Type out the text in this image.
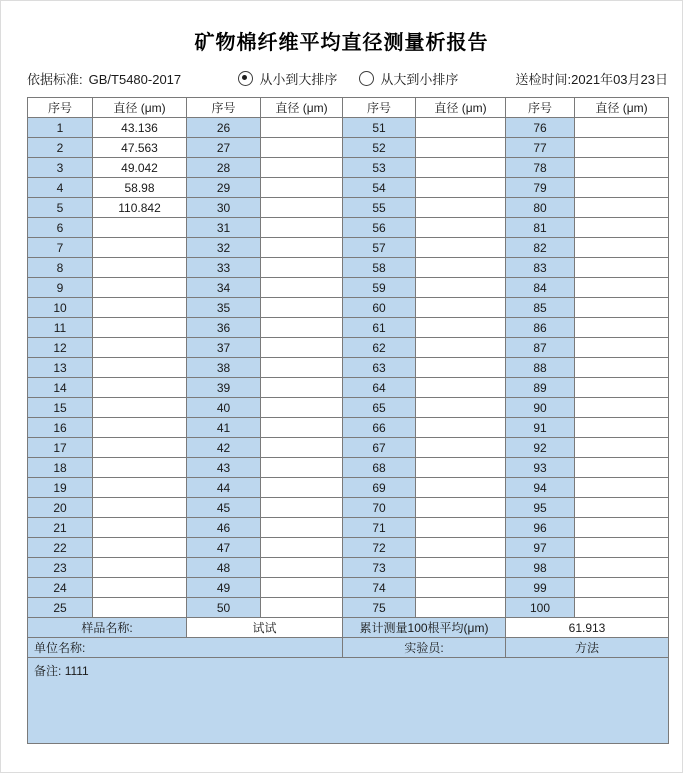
矿物棉纤维平均直径测量析报告
依据标准: GB/T5480-2017	从小到大排序	从大到小排序	送检时间:2021年03月23日
序号	直径 (μm)	序号	直径 (μm)	序号	直径 (μm)	序号	直径 (μm)
1	43.136	26		51		76	
2	47.563	27		52		77	
3	49.042	28		53		78	
4	58.98	29		54		79	
5	110.842	30		55		80	
6		31		56		81	
7		32		57		82	
8		33		58		83	
9		34		59		84	
10		35		60		85	
11		36		61		86	
12		37		62		87	
13		38		63		88	
14		39		64		89	
15		40		65		90	
16		41		66		91	
17		42		67		92	
18		43		68		93	
19		44		69		94	
20		45		70		95	
21		46		71		96	
22		47		72		97	
23		48		73		98	
24		49		74		99	
25		50		75		100	
样品名称:		试试		累计测量100根平均(μm)		61.913	
单位名称:				实验员:		方法	
备注: 1111							
